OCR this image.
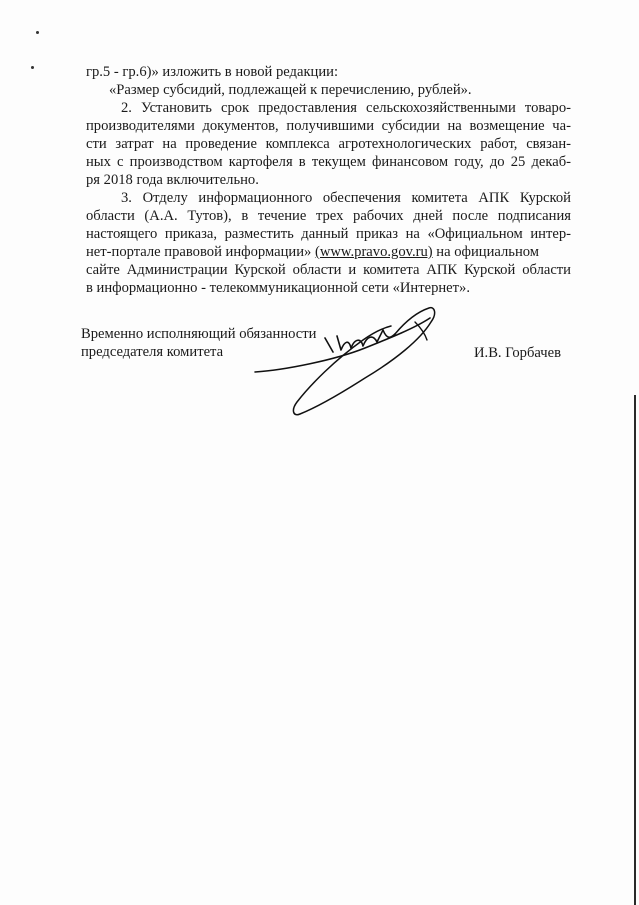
гр.5 - гр.6)» изложить в новой редакции:
«Размер субсидий, подлежащей к перечислению, рублей».
2. Установить срок предоставления сельскохозяйственными товаро-
производителями документов, получившими субсидии на возмещение ча-
сти затрат на проведение комплекса агротехнологических работ, связан-
ных с производством картофеля в текущем финансовом году, до 25 декаб-
ря 2018 года включительно.
3. Отделу информационного обеспечения комитета АПК Курской
области (А.А. Тутов), в течение трех рабочих дней после подписания
настоящего приказа, разместить данный приказ на «Официальном интер-
нет-портале правовой информации» (www.pravo.gov.ru) на официальном
сайте Администрации Курской области и комитета АПК Курской области
в информационно - телекоммуникационной сети «Интернет».
Временно исполняющий обязанности
председателя комитета	И.В. Горбачев
